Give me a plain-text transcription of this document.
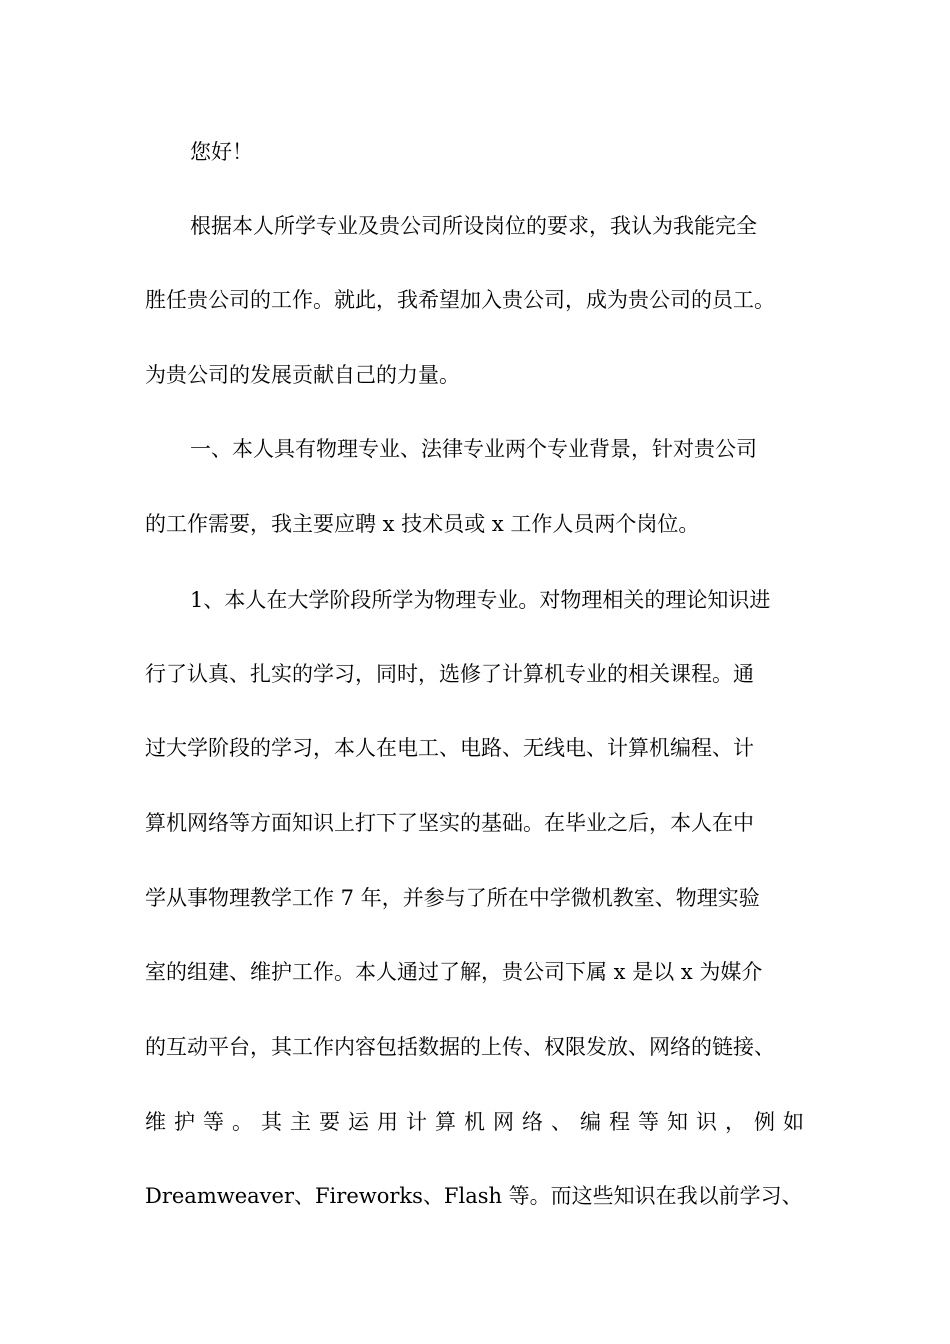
您好！

根据本人所学专业及贵公司所设岗位的要求，我认为我能完全

胜任贵公司的工作。就此，我希望加入贵公司，成为贵公司的员工。

为贵公司的发展贡献自己的力量。

一、本人具有物理专业、法律专业两个专业背景，针对贵公司

的工作需要，我主要应聘 x 技术员或 x 工作人员两个岗位。

1、本人在大学阶段所学为物理专业。对物理相关的理论知识进

行了认真、扎实的学习，同时，选修了计算机专业的相关课程。通

过大学阶段的学习，本人在电工、电路、无线电、计算机编程、计

算机网络等方面知识上打下了坚实的基础。在毕业之后，本人在中

学从事物理教学工作 7 年，并参与了所在中学微机教室、物理实验

室的组建、维护工作。本人通过了解，贵公司下属 x 是以 x 为媒介

的互动平台，其工作内容包括数据的上传、权限发放、网络的链接、

维护等。其主要运用计算机网络、编程等知识，例如

Dreamweaver、Fireworks、Flash 等。而这些知识在我以前学习、
